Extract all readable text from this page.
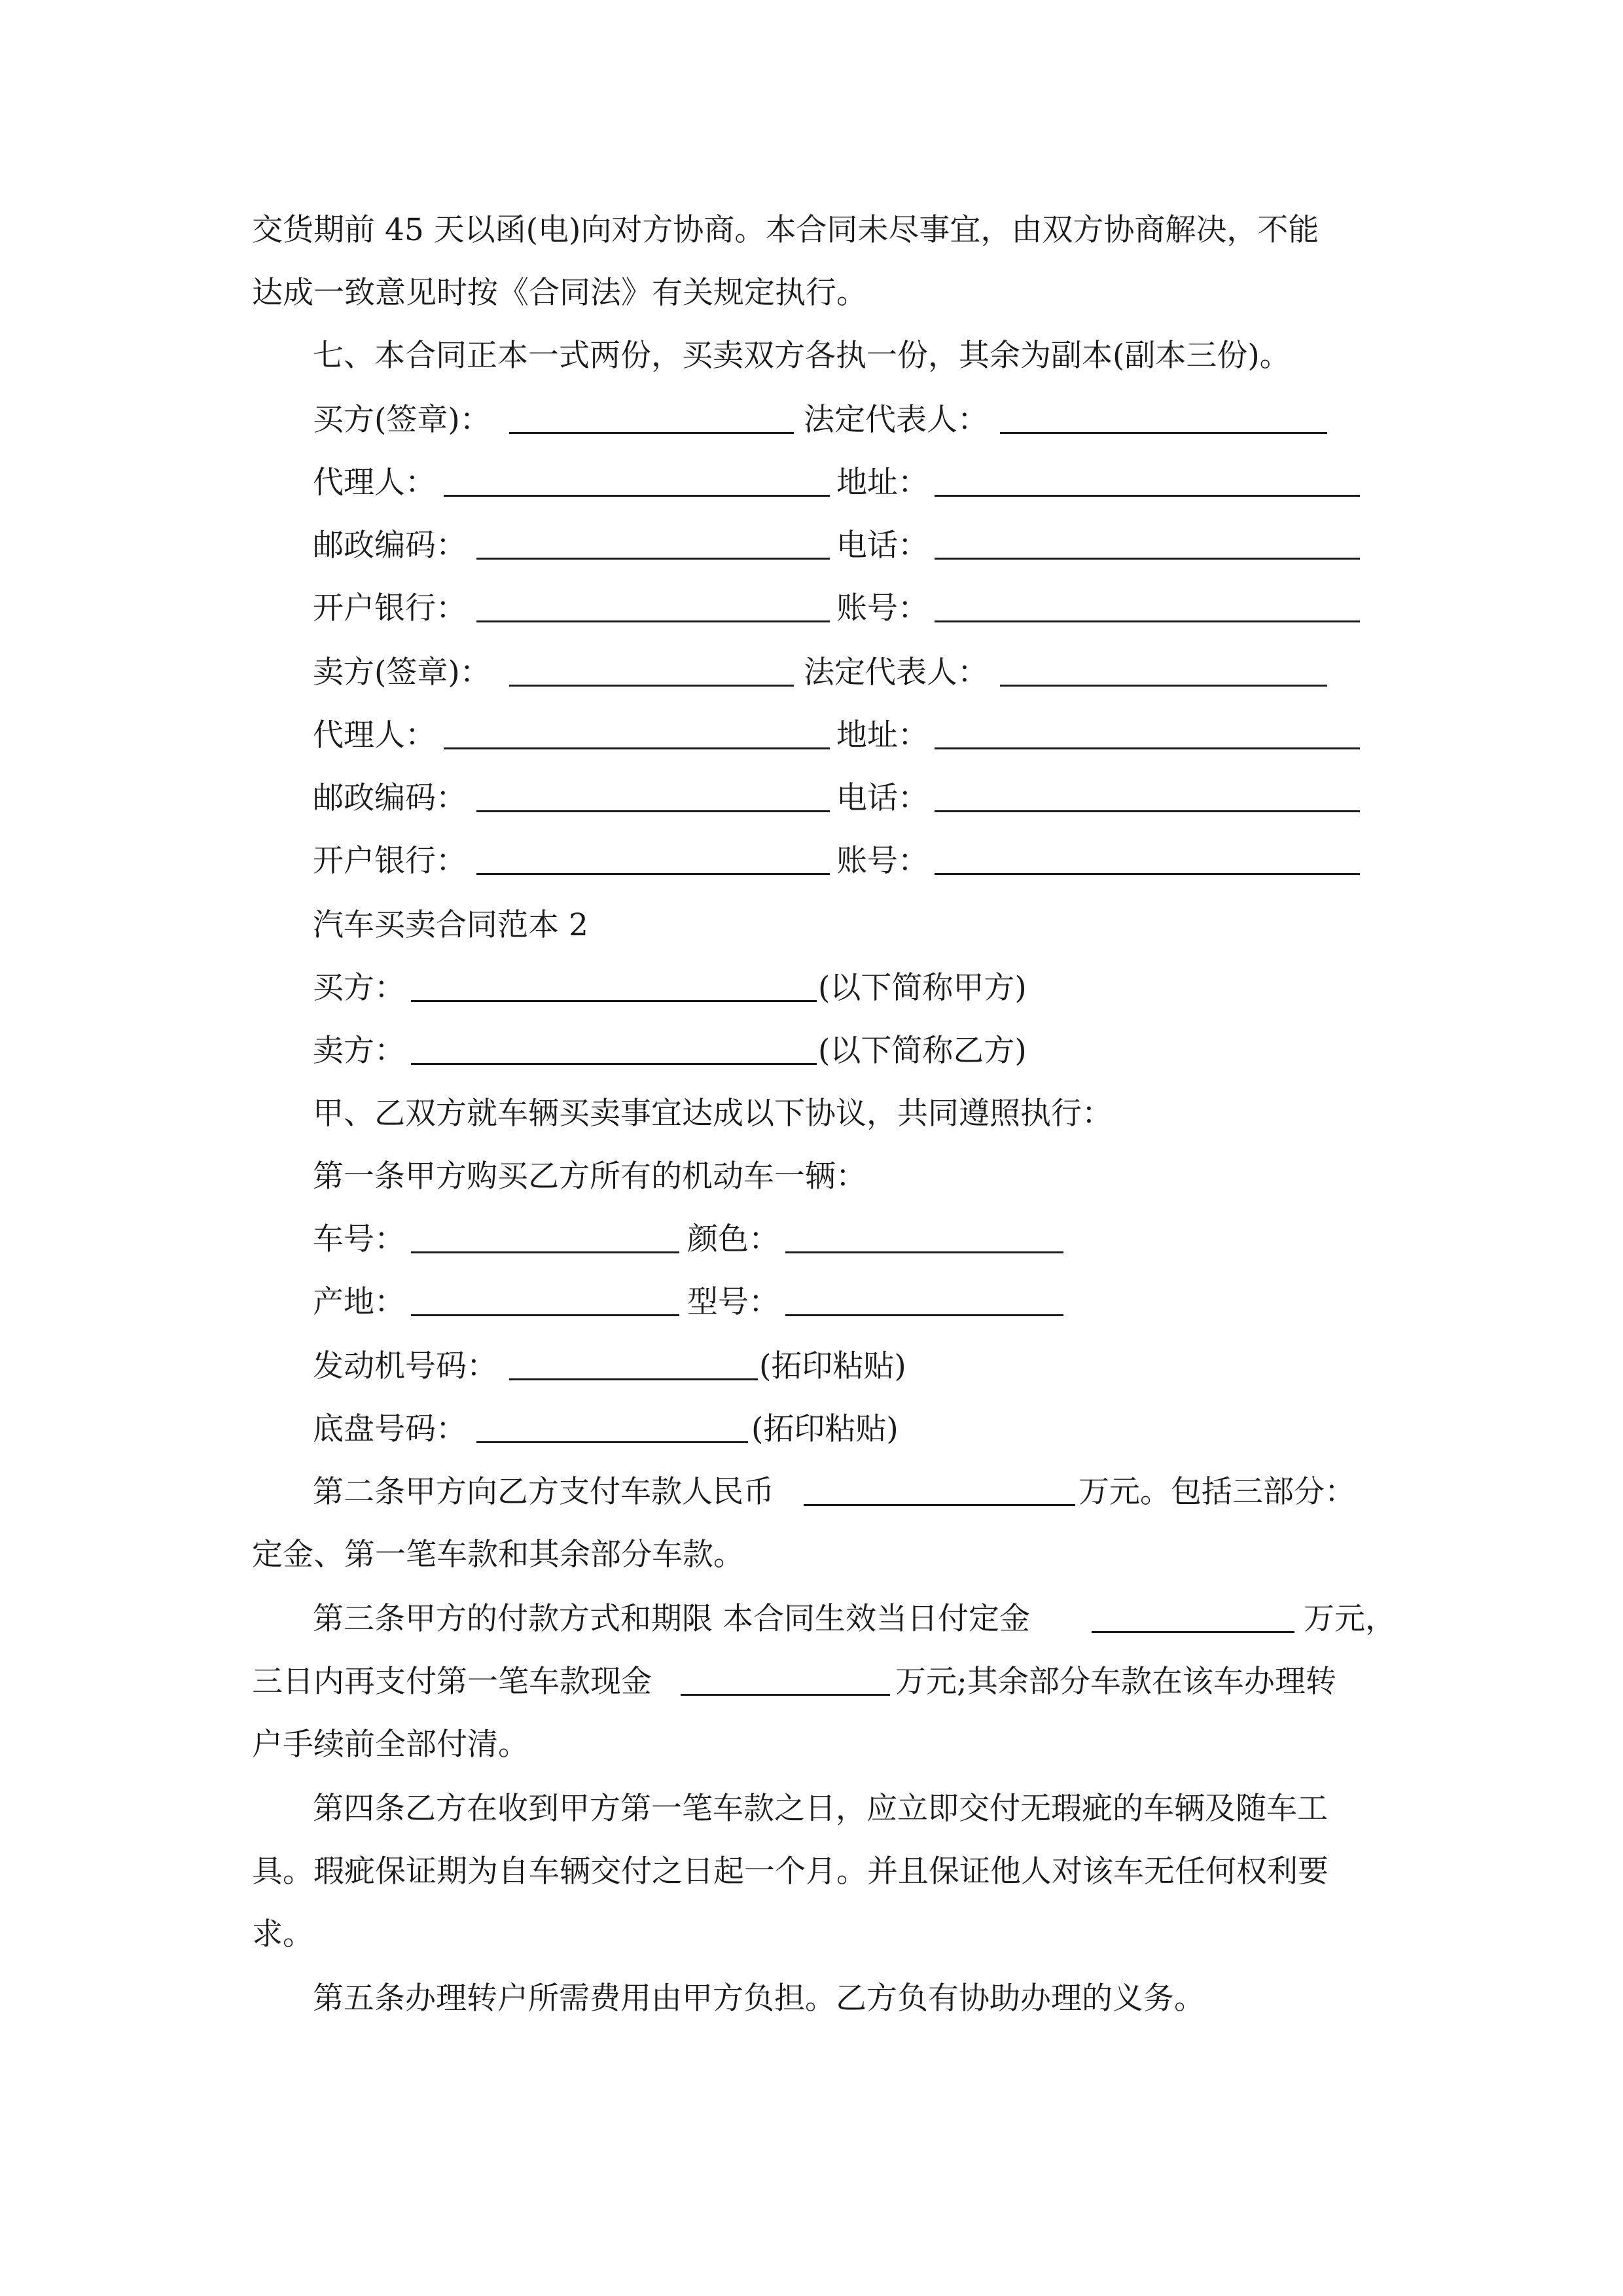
交货期前 45 天以函(电)向对方协商。本合同未尽事宜，由双方协商解决，不能
达成一致意见时按《合同法》有关规定执行。
七、本合同正本一式两份，买卖双方各执一份，其余为副本(副本三份)。
买方(签章)：	法定代表人：
代理人：	地址：
邮政编码：	电话：
开户银行：	账号：
卖方(签章)：	法定代表人：
代理人：	地址：
邮政编码：	电话：
开户银行：	账号：
汽车买卖合同范本 2
买方：	(以下简称甲方)
卖方：	(以下简称乙方)
甲、乙双方就车辆买卖事宜达成以下协议，共同遵照执行：
第一条甲方购买乙方所有的机动车一辆：
车号：	颜色：
产地：	型号：
发动机号码：	(拓印粘贴)
底盘号码：	(拓印粘贴)
第二条甲方向乙方支付车款人民币	万元。包括三部分：
定金、第一笔车款和其余部分车款。
第三条甲方的付款方式和期限 本合同生效当日付定金	万元，
三日内再支付第一笔车款现金	万元;其余部分车款在该车办理转
户手续前全部付清。
第四条乙方在收到甲方第一笔车款之日，应立即交付无瑕疵的车辆及随车工
具。瑕疵保证期为自车辆交付之日起一个月。并且保证他人对该车无任何权利要
求。
第五条办理转户所需费用由甲方负担。乙方负有协助办理的义务。
